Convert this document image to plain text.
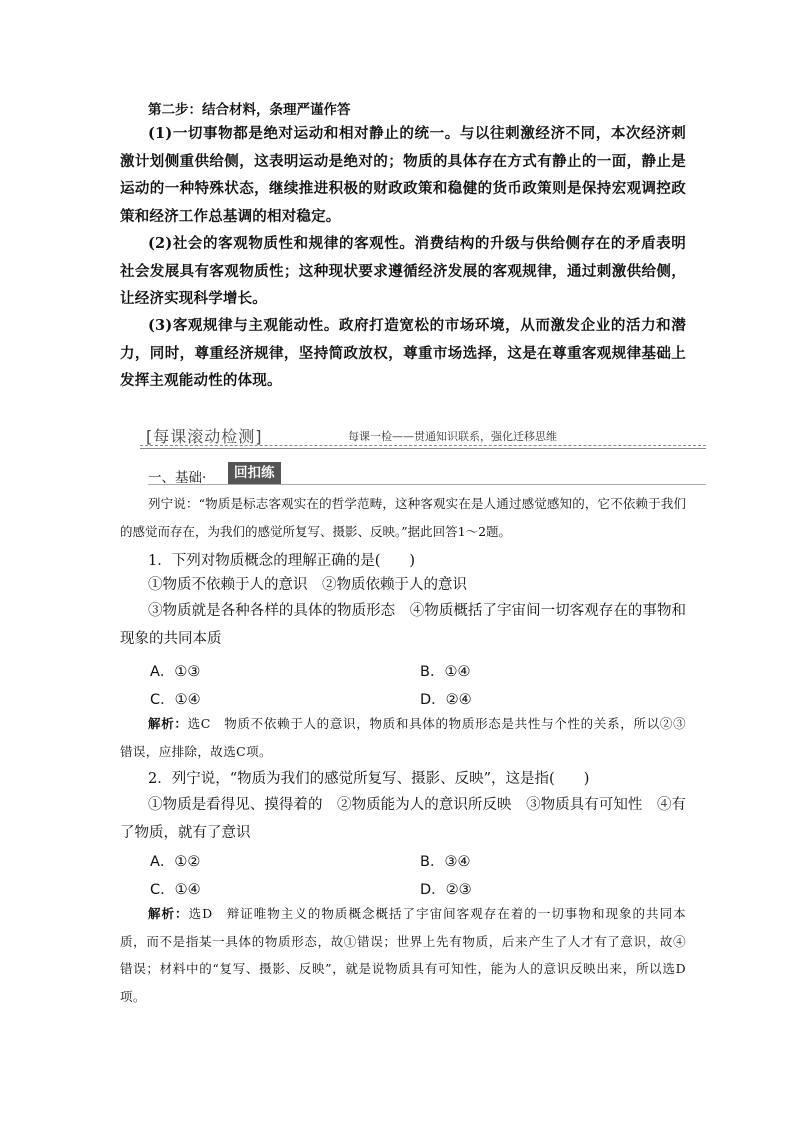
第二步：结合材料，条理严谨作答

(1)一切事物都是绝对运动和相对静止的统一。与以往刺激经济不同，本次经济刺激计划侧重供给侧，这表明运动是绝对的；物质的具体存在方式有静止的一面，静止是运动的一种特殊状态，继续推进积极的财政政策和稳健的货币政策则是保持宏观调控政策和经济工作总基调的相对稳定。

(2)社会的客观物质性和规律的客观性。消费结构的升级与供给侧存在的矛盾表明社会发展具有客观物质性；这种现状要求遵循经济发展的客观规律，通过刺激供给侧，让经济实现科学增长。

(3)客观规律与主观能动性。政府打造宽松的市场环境，从而激发企业的活力和潜力，同时，尊重经济规律，坚持简政放权，尊重市场选择，这是在尊重客观规律基础上发挥主观能动性的体现。

[每课滚动检测]	每课一检——贯通知识联系，强化迁移思维
一、基础·	回扣练

列宁说：“物质是标志客观实在的哲学范畴，这种客观实在是人通过感觉感知的，它不依赖于我们的感觉而存在，为我们的感觉所复写、摄影、反映。”据此回答1～2题。

1．下列对物质概念的理解正确的是(　　)
①物质不依赖于人的意识　②物质依赖于人的意识

③物质就是各种各样的具体的物质形态　④物质概括了宇宙间一切客观存在的事物和现象的共同本质

A．①③	B．①④
C．①④	D．②④

解析：选C　物质不依赖于人的意识，物质和具体的物质形态是共性与个性的关系，所以②③错误，应排除，故选C项。

2．列宁说，“物质为我们的感觉所复写、摄影、反映”，这是指(　　)

①物质是看得见、摸得着的　②物质能为人的意识所反映　③物质具有可知性　④有了物质，就有了意识

A．①②	B．③④
C．①④	D．②③

解析：选D　辩证唯物主义的物质概念概括了宇宙间客观存在着的一切事物和现象的共同本质，而不是指某一具体的物质形态，故①错误；世界上先有物质，后来产生了人才有了意识，故④错误；材料中的“复写、摄影、反映”，就是说物质具有可知性，能为人的意识反映出来，所以选D项。
